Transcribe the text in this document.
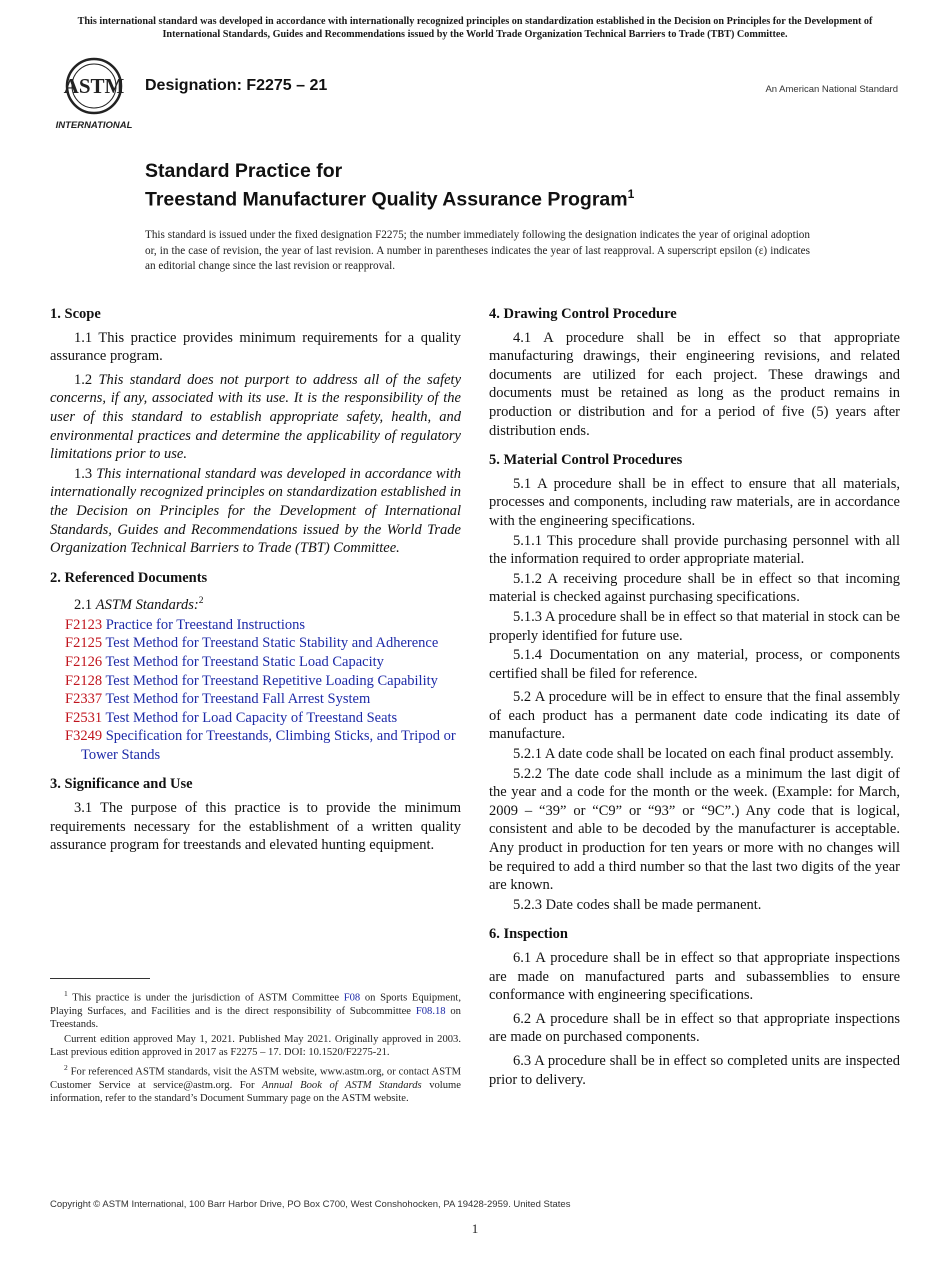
This international standard was developed in accordance with internationally recognized principles on standardization established in the Decision on Principles for the Development of International Standards, Guides and Recommendations issued by the World Trade Organization Technical Barriers to Trade (TBT) Committee.
ASTM
INTERNATIONAL
Designation: F2275 – 21	An American National Standard
Standard Practice for
Treestand Manufacturer Quality Assurance Program$^1$
This standard is issued under the fixed designation F2275; the number immediately following the designation indicates the year of original adoption or, in the case of revision, the year of last revision. A number in parentheses indicates the year of last reapproval. A superscript epsilon (ε) indicates an editorial change since the last revision or reapproval.
1. Scope

1.1 This practice provides minimum requirements for a quality assurance program.

1.2 This standard does not purport to address all of the safety concerns, if any, associated with its use. It is the responsibility of the user of this standard to establish appropriate safety, health, and environmental practices and determine the applicability of regulatory limitations prior to use.

1.3 This international standard was developed in accordance with internationally recognized principles on standardization established in the Decision on Principles for the Development of International Standards, Guides and Recommendations issued by the World Trade Organization Technical Barriers to Trade (TBT) Committee.

2. Referenced Documents

2.1 ASTM Standards:$^2$

F2123 Practice for Treestand Instructions
F2125 Test Method for Treestand Static Stability and Adherence
F2126 Test Method for Treestand Static Load Capacity
F2128 Test Method for Treestand Repetitive Loading Capability
F2337 Test Method for Treestand Fall Arrest System
F2531 Test Method for Load Capacity of Treestand Seats
F3249 Specification for Treestands, Climbing Sticks, and Tripod or Tower Stands
3. Significance and Use

3.1 The purpose of this practice is to provide the minimum requirements necessary for the establishment of a written quality assurance program for treestands and elevated hunting equipment.

$^1$ This practice is under the jurisdiction of ASTM Committee F08 on Sports Equipment, Playing Surfaces, and Facilities and is the direct responsibility of Subcommittee F08.18 on Treestands.
Current edition approved May 1, 2021. Published May 2021. Originally approved in 2003. Last previous edition approved in 2017 as F2275 – 17. DOI: 10.1520/F2275-21.
$^2$ For referenced ASTM standards, visit the ASTM website, www.astm.org, or contact ASTM Customer Service at service@astm.org. For Annual Book of ASTM Standards volume information, refer to the standard’s Document Summary page on the ASTM website.
4. Drawing Control Procedure

4.1 A procedure shall be in effect so that appropriate manufacturing drawings, their engineering revisions, and related documents are utilized for each project. These drawings and documents must be retained as long as the product remains in production or distribution and for a period of five (5) years after distribution ends.

5. Material Control Procedures

5.1 A procedure shall be in effect to ensure that all materials, processes and components, including raw materials, are in accordance with the engineering specifications.

5.1.1 This procedure shall provide purchasing personnel with all the information required to order appropriate material.

5.1.2 A receiving procedure shall be in effect so that incoming material is checked against purchasing specifications.

5.1.3 A procedure shall be in effect so that material in stock can be properly identified for future use.

5.1.4 Documentation on any material, process, or components certified shall be filed for reference.

5.2 A procedure will be in effect to ensure that the final assembly of each product has a permanent date code indicating its date of manufacture.

5.2.1 A date code shall be located on each final product assembly.

5.2.2 The date code shall include as a minimum the last digit of the year and a code for the month or the week. (Example: for March, 2009 – “39” or “C9” or “93” or “9C”.) Any code that is logical, consistent and able to be decoded by the manufacturer is acceptable. Any product in production for ten years or more with no changes will be required to add a third number so that the last two digits of the year are known.

5.2.3 Date codes shall be made permanent.

6. Inspection

6.1 A procedure shall be in effect so that appropriate inspections are made on manufactured parts and subassemblies to ensure conformance with engineering specifications.

6.2 A procedure shall be in effect so that appropriate inspections are made on purchased components.

6.3 A procedure shall be in effect so completed units are inspected prior to delivery.

Copyright © ASTM International, 100 Barr Harbor Drive, PO Box C700, West Conshohocken, PA 19428-2959. United States
1
